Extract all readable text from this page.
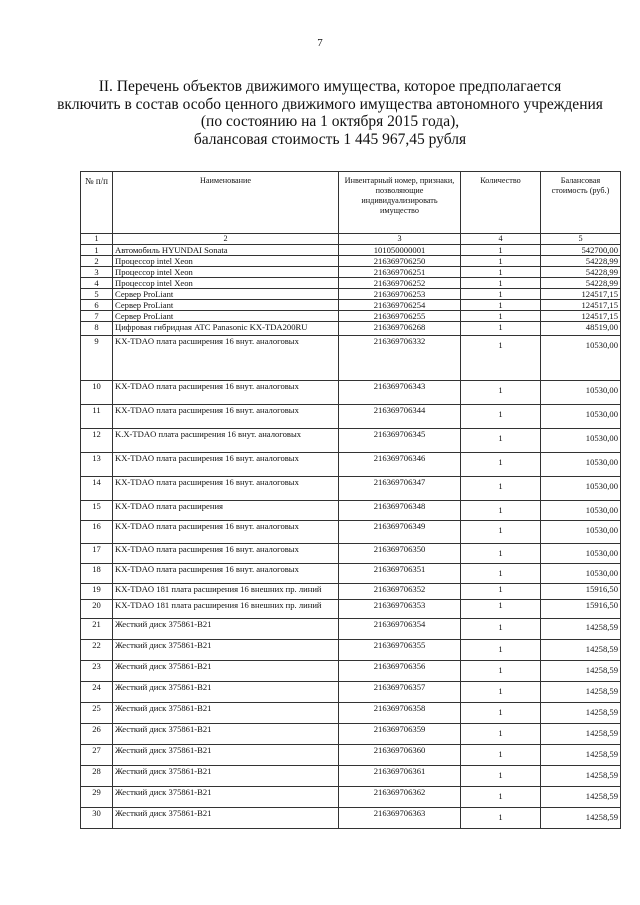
7
II. Перечень объектов движимого имущества, которое предполагается
включить в состав особо ценного движимого имущества автономного учреждения
(по состоянию на 1 октября 2015 года),
балансовая стоимость 1 445 967,45 рубля
№ п/п	Наименование	Инвентарный номер, признаки, позволяющие индивидуализировать имущество	Количество	Балансовая стоимость (руб.)
1	2	3	4	5
1	Автомобиль HYUNDAI Sonata	101050000001	1	542700,00
2	Процессор intel Xeon	216369706250	1	54228,99
3	Процессор intel Xeon	216369706251	1	54228,99
4	Процессор intel Xeon	216369706252	1	54228,99
5	Сервер ProLiant	216369706253	1	124517,15
6	Сервер ProLiant	216369706254	1	124517,15
7	Сервер ProLiant	216369706255	1	124517,15
8	Цифровая гибридная АТС Panasonic KX-TDA200RU	216369706268	1	48519,00
9	KX-TDAO плата расширения 16 внут. аналоговых	216369706332	1	10530,00
10	KX-TDAO плата расширения 16 внут. аналоговых	216369706343	1	10530,00
11	KX-TDAO плата расширения 16 внут. аналоговых	216369706344	1	10530,00
12	K.X-TDAO плата расширения 16 внут. аналоговых	216369706345	1	10530,00
13	KX-TDAO плата расширения 16 внут. аналоговых	216369706346	1	10530,00
14	KX-TDAO плата расширения 16 внут. аналоговых	216369706347	1	10530,00
15	KX-TDAO плата расширения	216369706348	1	10530,00
16	KX-TDAO плата расширения 16 внут. аналоговых	216369706349	1	10530,00
17	KX-TDAO плата расширения 16 внут. аналоговых	216369706350	1	10530,00
18	KX-TDAO плата расширения 16 внут. аналоговых	216369706351	1	10530,00
19	KX-TDAO 181 плата расширения 16 внешних пр. линий	216369706352	1	15916,50
20	KX-TDAO 181 плата расширения 16 внешних пр. линий	216369706353	1	15916,50
21	Жесткий диск 375861-B21	216369706354	1	14258,59
22	Жесткий диск 375861-B21	216369706355	1	14258,59
23	Жесткий диск 375861-B21	216369706356	1	14258,59
24	Жесткий диск 375861-B21	216369706357	1	14258,59
25	Жесткий диск 375861-B21	216369706358	1	14258,59
26	Жесткий диск 375861-B21	216369706359	1	14258,59
27	Жесткий диск 375861-B21	216369706360	1	14258,59
28	Жесткий диск 375861-B21	216369706361	1	14258,59
29	Жесткий диск 375861-B21	216369706362	1	14258,59
30	Жесткий диск 375861-B21	216369706363	1	14258,59
